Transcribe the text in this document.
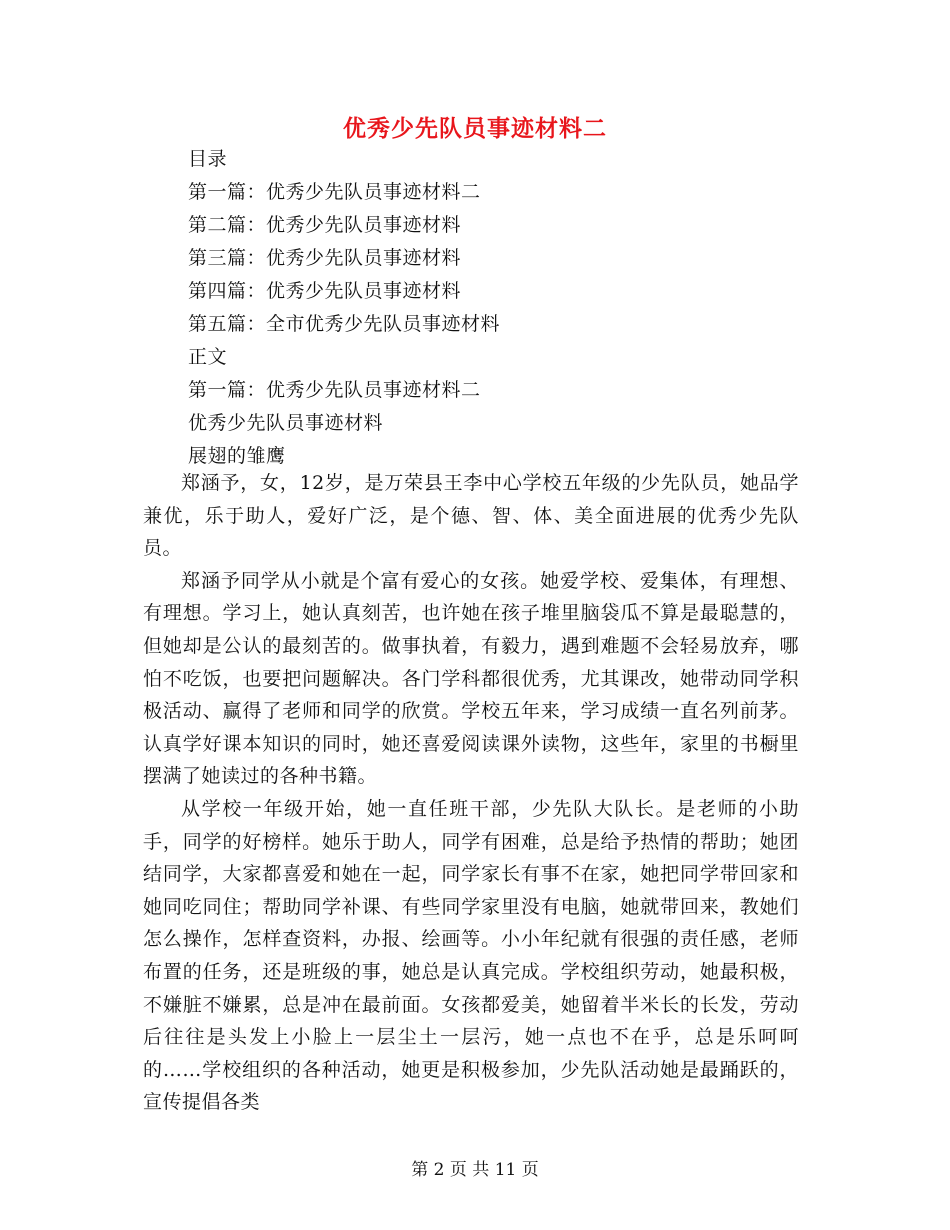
优秀少先队员事迹材料二
目录
第一篇：优秀少先队员事迹材料二
第二篇：优秀少先队员事迹材料
第三篇：优秀少先队员事迹材料
第四篇：优秀少先队员事迹材料
第五篇：全市优秀少先队员事迹材料
正文
第一篇：优秀少先队员事迹材料二
优秀少先队员事迹材料
展翅的雏鹰

郑涵予，女，12岁，是万荣县王李中心学校五年级的少先队员，她品学兼优，乐于助人，爱好广泛，是个德、智、体、美全面进展的优秀少先队员。

郑涵予同学从小就是个富有爱心的女孩。她爱学校、爱集体，有理想、有理想。学习上，她认真刻苦，也许她在孩子堆里脑袋瓜不算是最聪慧的，但她却是公认的最刻苦的。做事执着，有毅力，遇到难题不会轻易放弃，哪怕不吃饭，也要把问题解决。各门学科都很优秀，尤其课改，她带动同学积极活动、赢得了老师和同学的欣赏。学校五年来，学习成绩一直名列前茅。认真学好课本知识的同时，她还喜爱阅读课外读物，这些年，家里的书橱里摆满了她读过的各种书籍。

从学校一年级开始，她一直任班干部，少先队大队长。是老师的小助手，同学的好榜样。她乐于助人，同学有困难，总是给予热情的帮助；她团结同学，大家都喜爱和她在一起，同学家长有事不在家，她把同学带回家和她同吃同住；帮助同学补课、有些同学家里没有电脑，她就带回来，教她们怎么操作，怎样查资料，办报、绘画等。小小年纪就有很强的责任感，老师布置的任务，还是班级的事，她总是认真完成。学校组织劳动，她最积极，不嫌脏不嫌累，总是冲在最前面。女孩都爱美，她留着半米长的长发，劳动后往往是头发上小脸上一层尘土一层污，她一点也不在乎，总是乐呵呵的……学校组织的各种活动，她更是积极参加，少先队活动她是最踊跃的，宣传提倡各类

第 2 页 共 11 页
